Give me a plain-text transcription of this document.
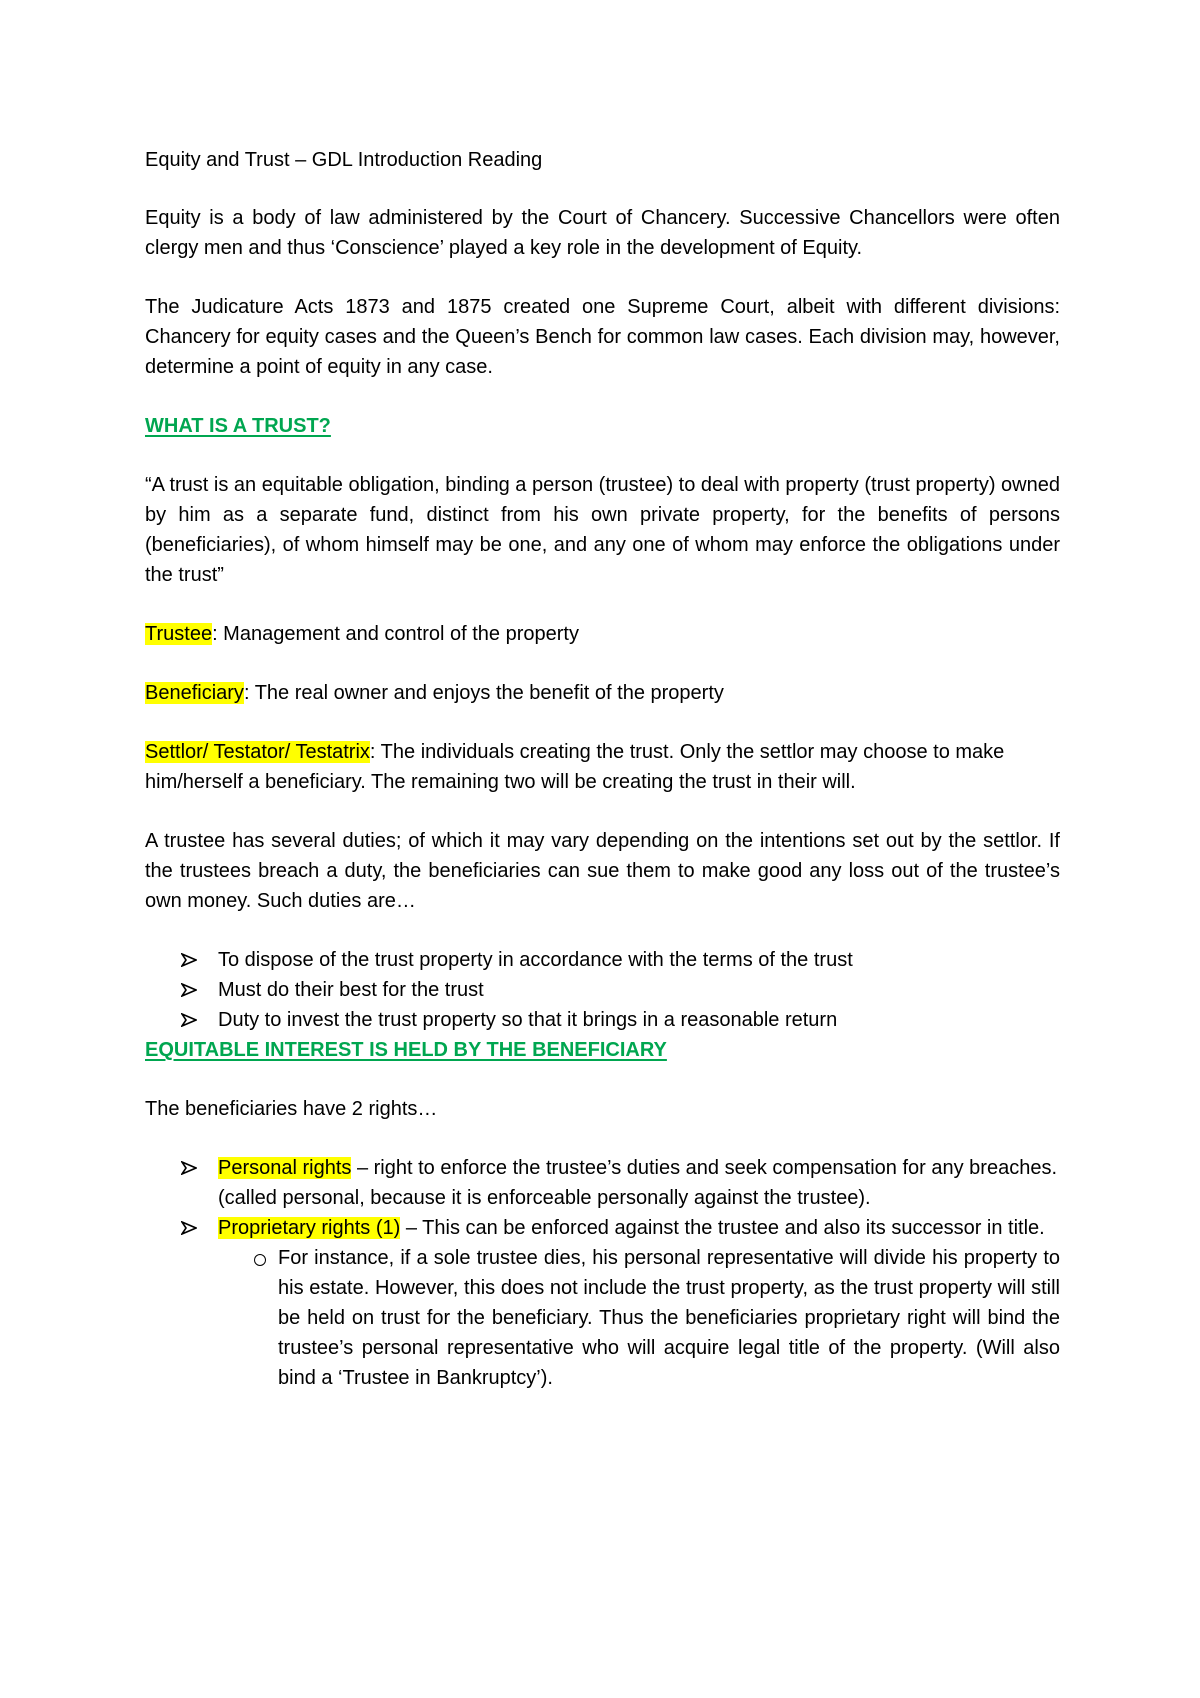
Equity and Trust – GDL Introduction Reading

Equity is a body of law administered by the Court of Chancery. Successive Chancellors were often clergy men and thus ‘Conscience’ played a key role in the development of Equity.

The Judicature Acts 1873 and 1875 created one Supreme Court, albeit with different divisions: Chancery for equity cases and the Queen’s Bench for common law cases. Each division may, however, determine a point of equity in any case.

WHAT IS A TRUST?

“A trust is an equitable obligation, binding a person (trustee) to deal with property (trust property) owned by him as a separate fund, distinct from his own private property, for the benefits of persons (beneficiaries), of whom himself may be one, and any one of whom may enforce the obligations under the trust”

Trustee: Management and control of the property

Beneficiary: The real owner and enjoys the benefit of the property

Settlor/ Testator/ Testatrix: The individuals creating the trust. Only the settlor may choose to make him/herself a beneficiary. The remaining two will be creating the trust in their will.

A trustee has several duties; of which it may vary depending on the intentions set out by the settlor. If the trustees breach a duty, the beneficiaries can sue them to make good any loss out of the trustee’s own money. Such duties are…

To dispose of the trust property in accordance with the terms of the trust
Must do their best for the trust
Duty to invest the trust property so that it brings in a reasonable return

EQUITABLE INTEREST IS HELD BY THE BENEFICIARY

The beneficiaries have 2 rights…

Personal rights – right to enforce the trustee’s duties and seek compensation for any breaches. (called personal, because it is enforceable personally against the trustee).
Proprietary rights (1) – This can be enforced against the trustee and also its successor in title.
For instance, if a sole trustee dies, his personal representative will divide his property to his estate. However, this does not include the trust property, as the trust property will still be held on trust for the beneficiary. Thus the beneficiaries proprietary right will bind the trustee’s personal representative who will acquire legal title of the property. (Will also bind a ‘Trustee in Bankruptcy’).
